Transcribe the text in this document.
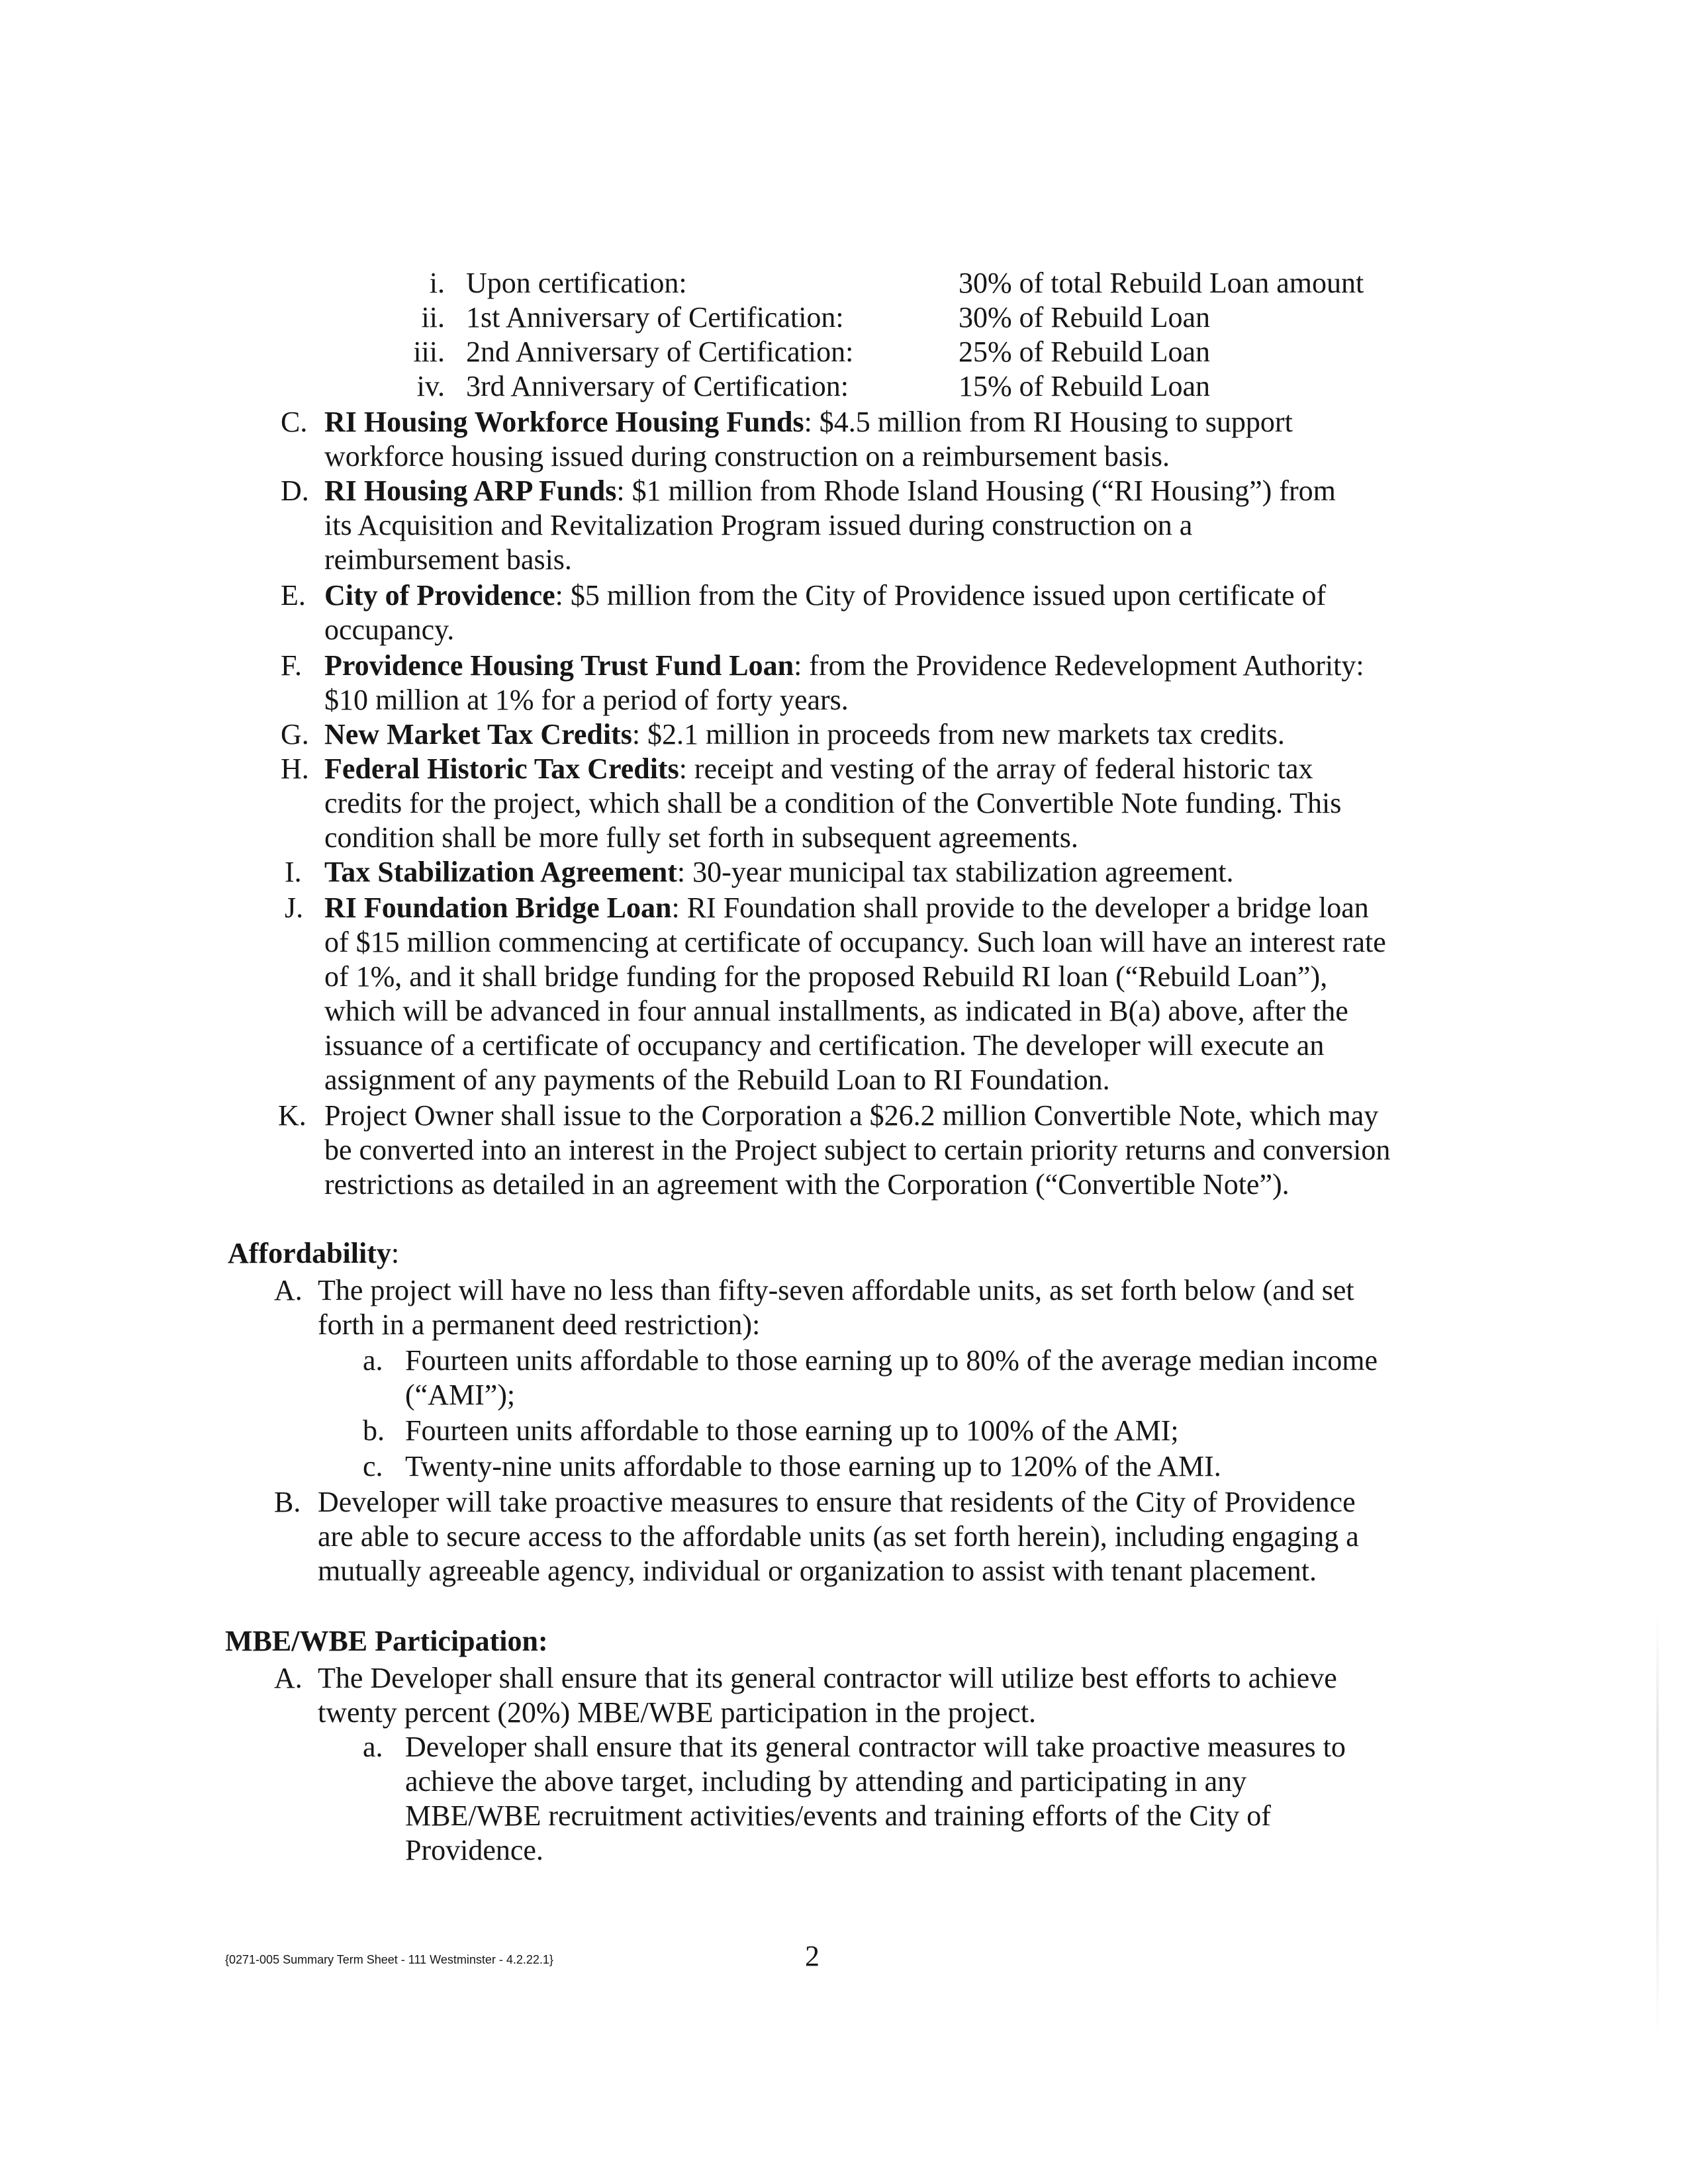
i. Upon certification:	30% of total Rebuild Loan amount
ii. 1st Anniversary of Certification:	30% of Rebuild Loan
iii. 2nd Anniversary of Certification:	25% of Rebuild Loan
iv. 3rd Anniversary of Certification:	15% of Rebuild Loan
C. RI Housing Workforce Housing Funds: $4.5 million from RI Housing to support
workforce housing issued during construction on a reimbursement basis.
D. RI Housing ARP Funds: $1 million from Rhode Island Housing (“RI Housing”) from
its Acquisition and Revitalization Program issued during construction on a
reimbursement basis.
E. City of Providence: $5 million from the City of Providence issued upon certificate of
occupancy.
F. Providence Housing Trust Fund Loan: from the Providence Redevelopment Authority:
$10 million at 1% for a period of forty years.
G. New Market Tax Credits: $2.1 million in proceeds from new markets tax credits.
H. Federal Historic Tax Credits: receipt and vesting of the array of federal historic tax
credits for the project, which shall be a condition of the Convertible Note funding. This
condition shall be more fully set forth in subsequent agreements.
I. Tax Stabilization Agreement: 30-year municipal tax stabilization agreement.
J. RI Foundation Bridge Loan: RI Foundation shall provide to the developer a bridge loan
of $15 million commencing at certificate of occupancy. Such loan will have an interest rate
of 1%, and it shall bridge funding for the proposed Rebuild RI loan (“Rebuild Loan”),
which will be advanced in four annual installments, as indicated in B(a) above, after the
issuance of a certificate of occupancy and certification. The developer will execute an
assignment of any payments of the Rebuild Loan to RI Foundation.
K. Project Owner shall issue to the Corporation a $26.2 million Convertible Note, which may
be converted into an interest in the Project subject to certain priority returns and conversion
restrictions as detailed in an agreement with the Corporation (“Convertible Note”).
Affordability:
A. The project will have no less than fifty-seven affordable units, as set forth below (and set
forth in a permanent deed restriction):
a. Fourteen units affordable to those earning up to 80% of the average median income
(“AMI”);
b. Fourteen units affordable to those earning up to 100% of the AMI;
c. Twenty-nine units affordable to those earning up to 120% of the AMI.
B. Developer will take proactive measures to ensure that residents of the City of Providence
are able to secure access to the affordable units (as set forth herein), including engaging a
mutually agreeable agency, individual or organization to assist with tenant placement.
MBE/WBE Participation:
A. The Developer shall ensure that its general contractor will utilize best efforts to achieve
twenty percent (20%) MBE/WBE participation in the project.
a. Developer shall ensure that its general contractor will take proactive measures to
achieve the above target, including by attending and participating in any
MBE/WBE recruitment activities/events and training efforts of the City of
Providence.
{0271-005 Summary Term Sheet - 111 Westminster - 4.2.22.1}	2
